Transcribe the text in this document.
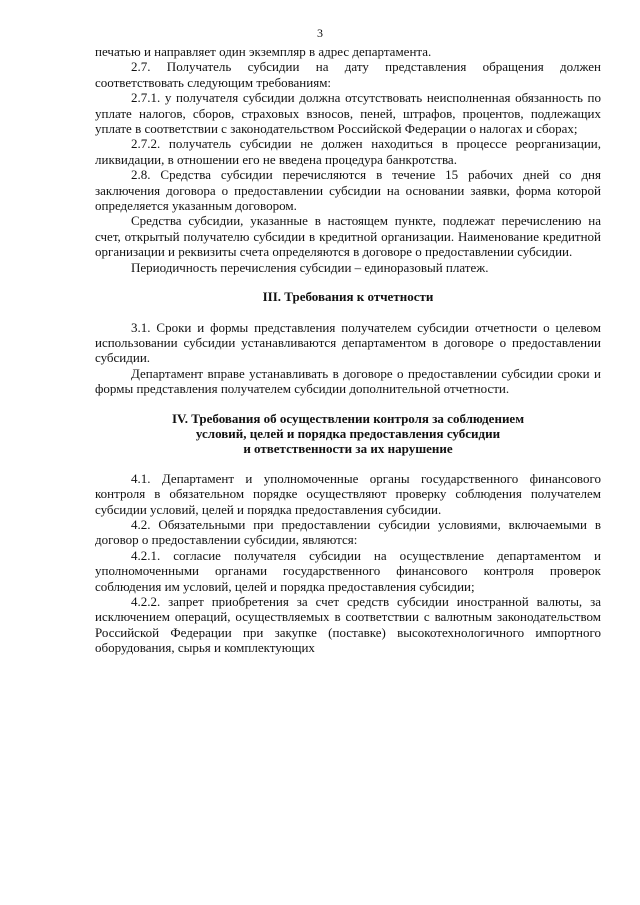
3

печатью и направляет один экземпляр в адрес департамента.

2.7. Получатель субсидии на дату представления обращения должен соответствовать следующим требованиям:

2.7.1. у получателя субсидии должна отсутствовать неисполненная обязанность по уплате налогов, сборов, страховых взносов, пеней, штрафов, процентов, подлежащих уплате в соответствии с законодательством Российской Федерации о налогах и сборах;

2.7.2. получатель субсидии не должен находиться в процессе реорганизации, ликвидации, в отношении его не введена процедура банкротства.

2.8. Средства субсидии перечисляются в течение 15 рабочих дней со дня заключения договора о предоставлении субсидии на основании заявки, форма которой определяется указанным договором.

Средства субсидии, указанные в настоящем пункте, подлежат перечислению на счет, открытый получателю субсидии в кредитной организации. Наименование кредитной организации и реквизиты счета определяются в договоре о предоставлении субсидии.

Периодичность перечисления субсидии – единоразовый платеж.

III. Требования к отчетности

3.1. Сроки и формы представления получателем субсидии отчетности о целевом использовании субсидии устанавливаются департаментом в договоре о предоставлении субсидии.

Департамент вправе устанавливать в договоре о предоставлении субсидии сроки и формы представления получателем субсидии дополнительной отчетности.

IV. Требования об осуществлении контроля за соблюдением
условий, целей и порядка предоставления субсидии
и ответственности за их нарушение

4.1. Департамент и уполномоченные органы государственного финансового контроля в обязательном порядке осуществляют проверку соблюдения получателем субсидии условий, целей и порядка предоставления субсидии.

4.2. Обязательными при предоставлении субсидии условиями, включаемыми в договор о предоставлении субсидии, являются:

4.2.1. согласие получателя субсидии на осуществление департаментом и уполномоченными органами государственного финансового контроля проверок соблюдения им условий, целей и порядка предоставления субсидии;

4.2.2. запрет приобретения за счет средств субсидии иностранной валюты, за исключением операций, осуществляемых в соответствии с валютным законодательством Российской Федерации при закупке (поставке) высокотехнологичного импортного оборудования, сырья и комплектующих
